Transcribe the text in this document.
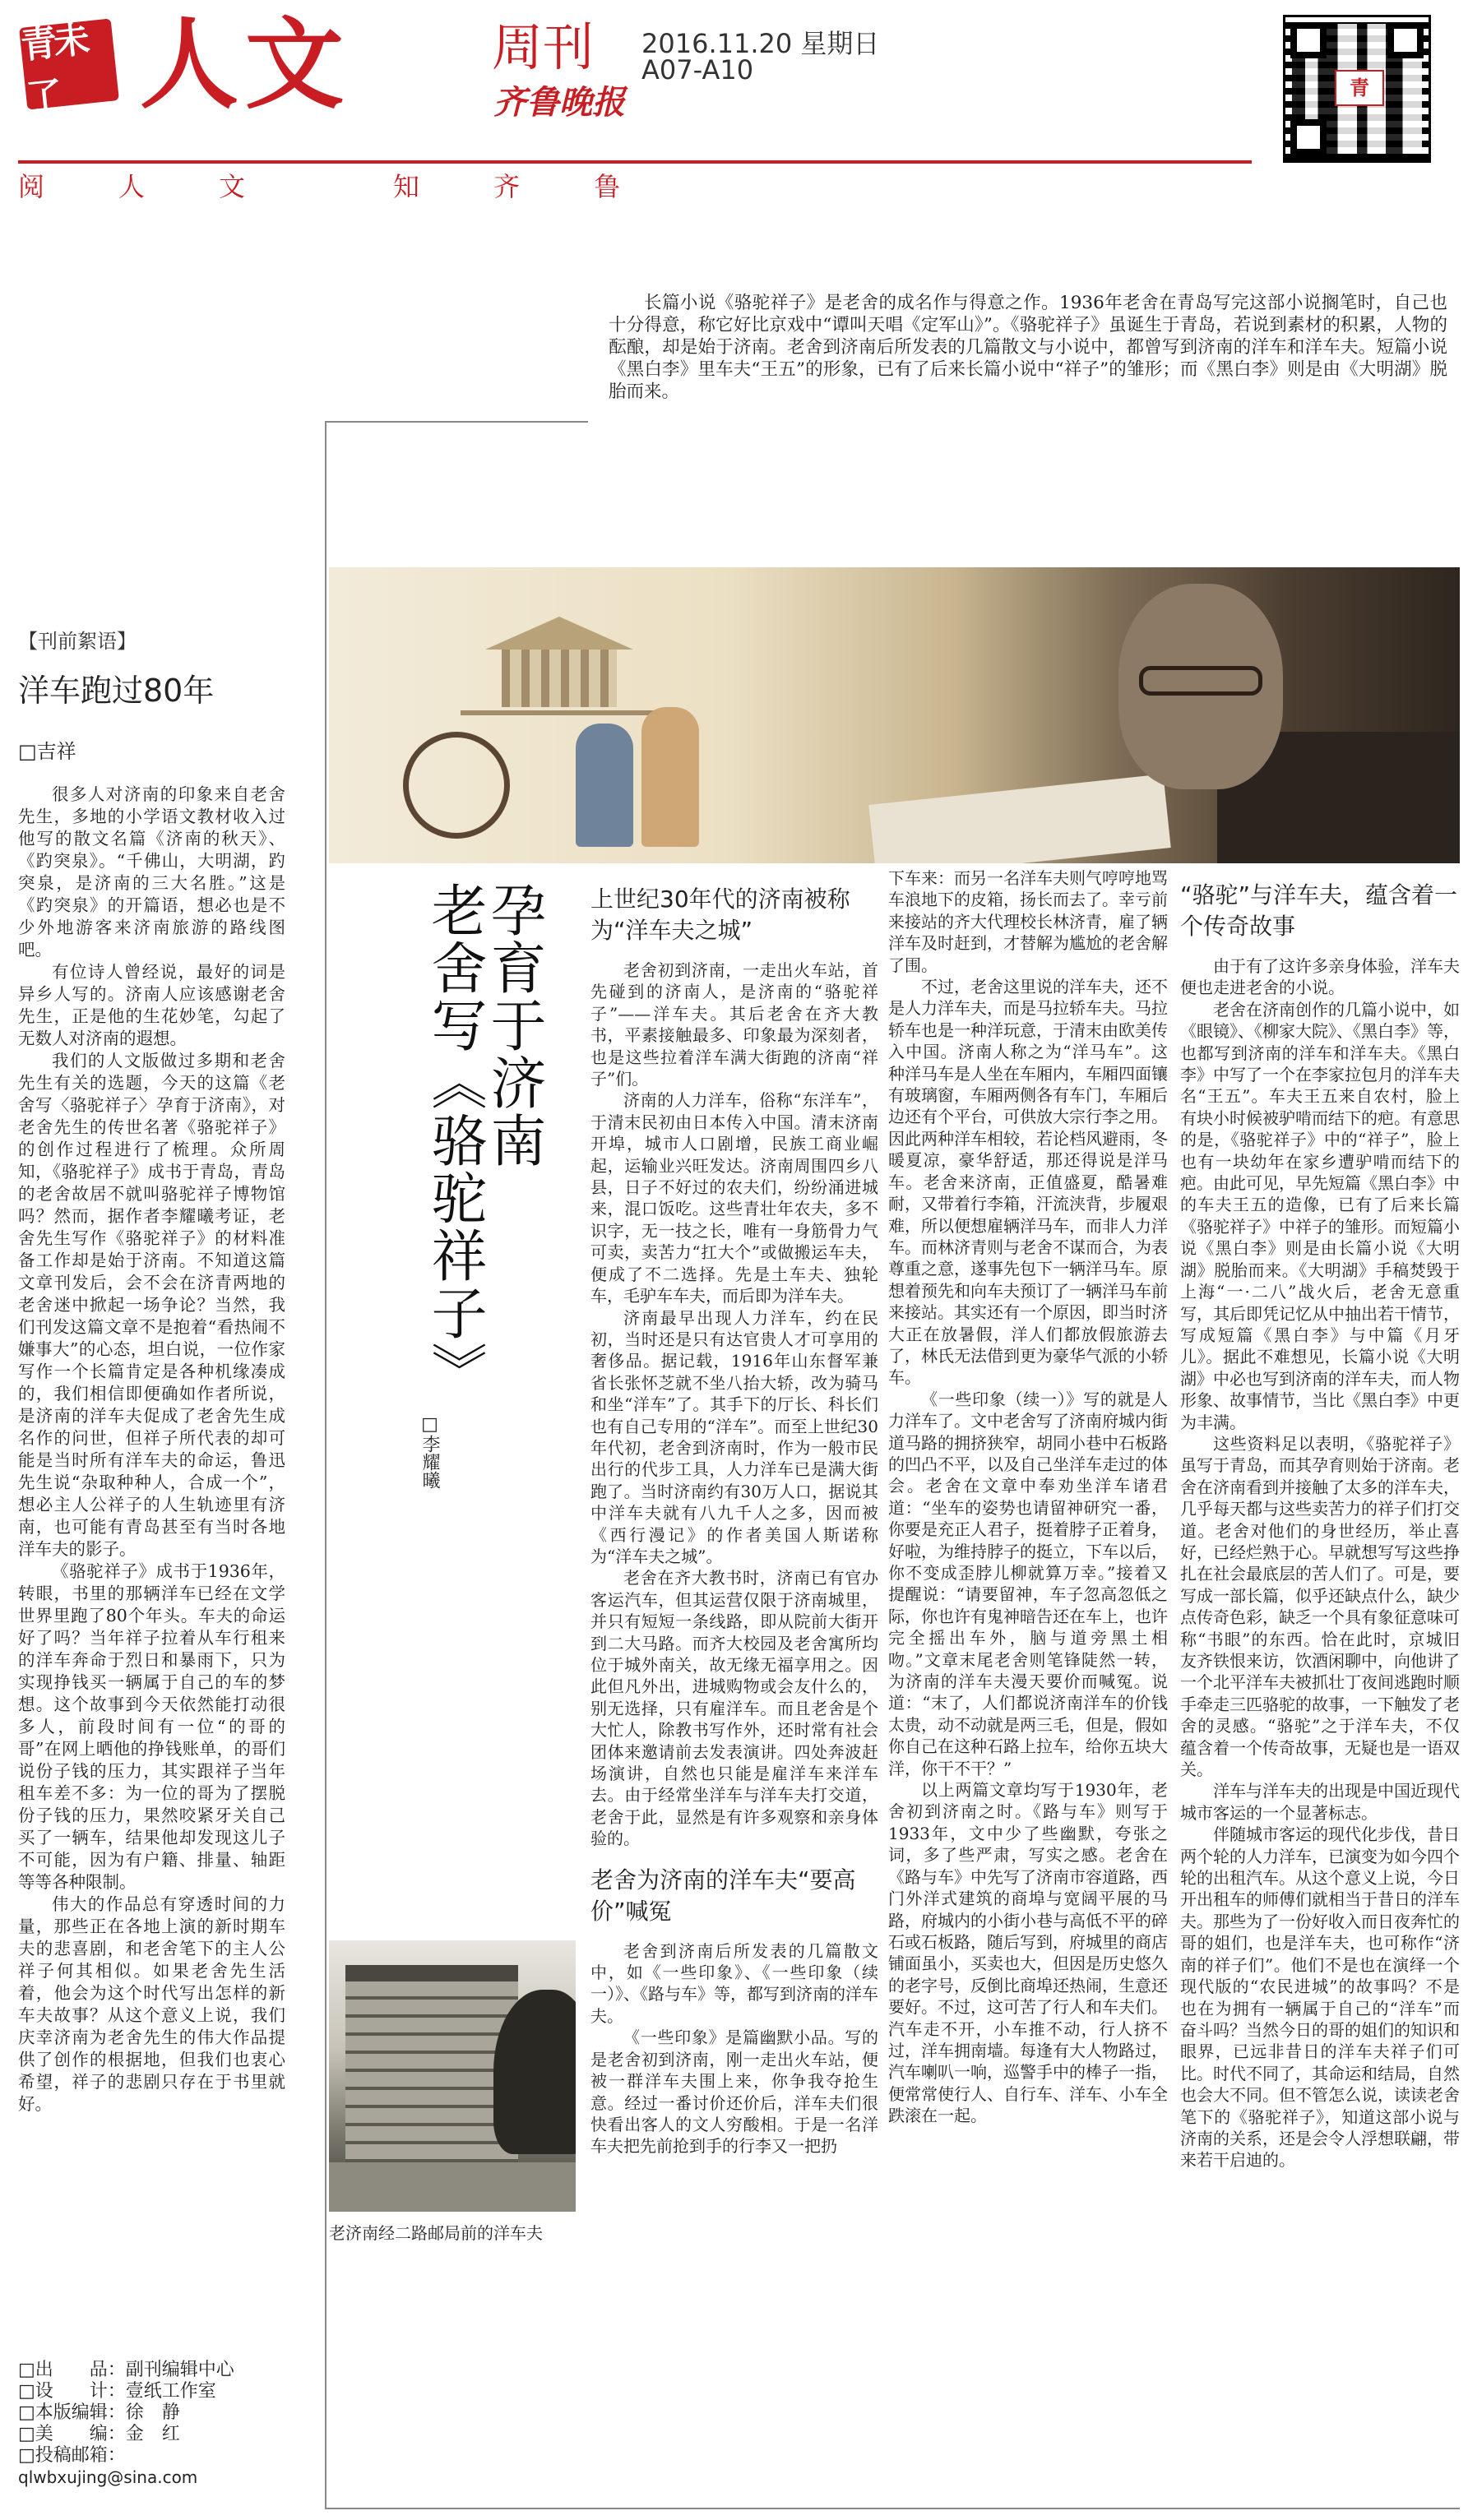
青未了 人文	周刊
齐鲁晚报
2016.11.20 星期日
A07-A10
青
阅	人	文	知	齐	鲁
长篇小说《骆驼祥子》是老舍的成名作与得意之作。1936年老舍在青岛写完这部小说搁笔时，自己也十分得意，称它好比京戏中“谭叫天唱《定军山》”。《骆驼祥子》虽诞生于青岛，若说到素材的积累，人物的酝酿，却是始于济南。老舍到济南后所发表的几篇散文与小说中，都曾写到济南的洋车和洋车夫。短篇小说《黑白李》里车夫“王五”的形象，已有了后来长篇小说中“祥子”的雏形；而《黑白李》则是由《大明湖》脱胎而来。
【刊前絮语】
洋车跑过80年
□吉祥

很多人对济南的印象来自老舍先生，多地的小学语文教材收入过他写的散文名篇《济南的秋天》、《趵突泉》。“千佛山，大明湖，趵突泉，是济南的三大名胜。”这是《趵突泉》的开篇语，想必也是不少外地游客来济南旅游的路线图吧。

有位诗人曾经说，最好的词是异乡人写的。济南人应该感谢老舍先生，正是他的生花妙笔，勾起了无数人对济南的遐想。

我们的人文版做过多期和老舍先生有关的选题，今天的这篇《老舍写〈骆驼祥子〉孕育于济南》，对老舍先生的传世名著《骆驼祥子》的创作过程进行了梳理。众所周知，《骆驼祥子》成书于青岛，青岛的老舍故居不就叫骆驼祥子博物馆吗？然而，据作者李耀曦考证，老舍先生写作《骆驼祥子》的材料准备工作却是始于济南。不知道这篇文章刊发后，会不会在济青两地的老舍迷中掀起一场争论？当然，我们刊发这篇文章不是抱着“看热闹不嫌事大”的心态，坦白说，一位作家写作一个长篇肯定是各种机缘凑成的，我们相信即便确如作者所说，是济南的洋车夫促成了老舍先生成名作的问世，但祥子所代表的却可能是当时所有洋车夫的命运，鲁迅先生说“杂取种种人，合成一个”，想必主人公祥子的人生轨迹里有济南，也可能有青岛甚至有当时各地洋车夫的影子。

《骆驼祥子》成书于1936年，转眼，书里的那辆洋车已经在文学世界里跑了80个年头。车夫的命运好了吗？当年祥子拉着从车行租来的洋车奔命于烈日和暴雨下，只为实现挣钱买一辆属于自己的车的梦想。这个故事到今天依然能打动很多人，前段时间有一位“的哥的哥”在网上晒他的挣钱账单，的哥们说份子钱的压力，其实跟祥子当年租车差不多：为一位的哥为了摆脱份子钱的压力，果然咬紧牙关自己买了一辆车，结果他却发现这儿子不可能，因为有户籍、排量、轴距等等各种限制。

伟大的作品总有穿透时间的力量，那些正在各地上演的新时期车夫的悲喜剧，和老舍笔下的主人公祥子何其相似。如果老舍先生活着，他会为这个时代写出怎样的新车夫故事？从这个意义上说，我们庆幸济南为老舍先生的伟大作品提供了创作的根据地，但我们也衷心希望，祥子的悲剧只存在于书里就好。

□出　　品：副刊编辑中心
□设　　计：壹纸工作室
□本版编辑：徐　静
□美　　编：金　红
□投稿邮箱：
qlwbxujing@sina.com
孕育于济南
老舍写《骆驼祥子》
□李耀曦
上世纪30年代的济南被称为“洋车夫之城”

老舍初到济南，一走出火车站，首先碰到的济南人，是济南的“骆驼祥子”——洋车夫。其后老舍在齐大教书，平素接触最多、印象最为深刻者，也是这些拉着洋车满大街跑的济南“祥子”们。

济南的人力洋车，俗称“东洋车”，于清末民初由日本传入中国。清末济南开埠，城市人口剧增，民族工商业崛起，运输业兴旺发达。济南周围四乡八县，日子不好过的农夫们，纷纷涌进城来，混口饭吃。这些青壮年农夫，多不识字，无一技之长，唯有一身筋骨力气可卖，卖苦力“扛大个”或做搬运车夫，便成了不二选择。先是土车夫、独轮车，毛驴车车夫，而后即为洋车夫。

济南最早出现人力洋车，约在民初，当时还是只有达官贵人才可享用的奢侈品。据记载，1916年山东督军兼省长张怀芝就不坐八抬大轿，改为骑马和坐“洋车”了。其手下的厅长、科长们也有自己专用的“洋车”。而至上世纪30年代初，老舍到济南时，作为一般市民出行的代步工具，人力洋车已是满大街跑了。当时济南约有30万人口，据说其中洋车夫就有八九千人之多，因而被《西行漫记》的作者美国人斯诺称为“洋车夫之城”。

老舍在齐大教书时，济南已有官办客运汽车，但其运营仅限于济南城里，并只有短短一条线路，即从院前大街开到二大马路。而齐大校园及老舍寓所均位于城外南关，故无缘无福享用之。因此但凡外出，进城购物或会友什么的，别无选择，只有雇洋车。而且老舍是个大忙人，除教书写作外，还时常有社会团体来邀请前去发表演讲。四处奔波赶场演讲，自然也只能是雇洋车来洋车去。由于经常坐洋车与洋车夫打交道，老舍于此，显然是有许多观察和亲身体验的。

老舍为济南的洋车夫“要高价”喊冤

老舍到济南后所发表的几篇散文中，如《一些印象》、《一些印象（续一）》、《路与车》等，都写到济南的洋车夫。

《一些印象》是篇幽默小品。写的是老舍初到济南，刚一走出火车站，便被一群洋车夫围上来，你争我夺抢生意。经过一番讨价还价后，洋车夫们很快看出客人的文人穷酸相。于是一名洋车夫把先前抢到手的行李又一把扔

下车来：而另一名洋车夫则气哼哼地骂车浪地下的皮箱，扬长而去了。幸亏前来接站的齐大代理校长林济青，雇了辆洋车及时赶到，才替解为尴尬的老舍解了围。

不过，老舍这里说的洋车夫，还不是人力洋车夫，而是马拉轿车夫。马拉轿车也是一种洋玩意，于清末由欧美传入中国。济南人称之为“洋马车”。这种洋马车是人坐在车厢内，车厢四面镶有玻璃窗，车厢两侧各有车门，车厢后边还有个平台，可供放大宗行李之用。因此两种洋车相较，若论档风避雨，冬暖夏凉，豪华舒适，那还得说是洋马车。老舍来济南，正值盛夏，酷暑难耐，又带着行李箱，汗流浃背，步履艰难，所以便想雇辆洋马车，而非人力洋车。而林济青则与老舍不谋而合，为表尊重之意，遂事先包下一辆洋马车。原想着预先和向车夫预订了一辆洋马车前来接站。其实还有一个原因，即当时济大正在放暑假，洋人们都放假旅游去了，林氏无法借到更为豪华气派的小轿车。

《一些印象（续一）》写的就是人力洋车了。文中老舍写了济南府城内街道马路的拥挤狭窄，胡同小巷中石板路的凹凸不平，以及自己坐洋车走过的体会。老舍在文章中奉劝坐洋车诸君道：“坐车的姿势也请留神研究一番，你要是充正人君子，挺着脖子正着身，好啦，为维持脖子的挺立，下车以后，你不变成歪脖儿柳就算万幸。”接着又提醒说：“请要留神，车子忽高忽低之际，你也许有鬼神暗告还在车上，也许完全摇出车外，脑与道旁黑土相吻。”文章末尾老舍则笔锋陡然一转，为济南的洋车夫漫天要价而喊冤。说道：“末了，人们都说济南洋车的价钱太贵，动不动就是两三毛，但是，假如你自己在这种石路上拉车，给你五块大洋，你干不干？”

以上两篇文章均写于1930年，老舍初到济南之时。《路与车》则写于1933年，文中少了些幽默，夸张之词，多了些严肃，写实之感。老舍在《路与车》中先写了济南市容道路，西门外洋式建筑的商埠与宽阔平展的马路，府城内的小街小巷与高低不平的碎石或石板路，随后写到，府城里的商店铺面虽小，买卖也大，但因是历史悠久的老字号，反倒比商埠还热闹，生意还要好。不过，这可苦了行人和车夫们。汽车走不开，小车推不动，行人挤不过，洋车拥南墙。每逢有大人物路过，汽车喇叭一响，巡警手中的棒子一指，便常常使行人、自行车、洋车、小车全跌滚在一起。

“骆驼”与洋车夫，蕴含着一个传奇故事

由于有了这许多亲身体验，洋车夫便也走进老舍的小说。

老舍在济南创作的几篇小说中，如《眼镜》、《柳家大院》、《黑白李》等，也都写到济南的洋车和洋车夫。《黑白李》中写了一个在李家拉包月的洋车夫名“王五”。车夫王五来自农村，脸上有块小时候被驴啃而结下的疤。有意思的是，《骆驼祥子》中的“祥子”，脸上也有一块幼年在家乡遭驴啃而结下的疤。由此可见，早先短篇《黑白李》中的车夫王五的造像，已有了后来长篇《骆驼祥子》中祥子的雏形。而短篇小说《黑白李》则是由长篇小说《大明湖》脱胎而来。《大明湖》手稿焚毁于上海“一·二八”战火后，老舍无意重写，其后即凭记忆从中抽出若干情节，写成短篇《黑白李》与中篇《月牙儿》。据此不难想见，长篇小说《大明湖》中必也写到济南的洋车夫，而人物形象、故事情节，当比《黑白李》中更为丰满。

这些资料足以表明，《骆驼祥子》虽写于青岛，而其孕育则始于济南。老舍在济南看到并接触了太多的洋车夫，几乎每天都与这些卖苦力的祥子们打交道。老舍对他们的身世经历，举止喜好，已经烂熟于心。早就想写写这些挣扎在社会最底层的苦人们了。可是，要写成一部长篇，似乎还缺点什么，缺少点传奇色彩，缺乏一个具有象征意味可称“书眼”的东西。恰在此时，京城旧友齐铁恨来访，饮酒闲聊中，向他讲了一个北平洋车夫被抓壮丁夜间逃跑时顺手牵走三匹骆驼的故事，一下触发了老舍的灵感。“骆驼”之于洋车夫，不仅蕴含着一个传奇故事，无疑也是一语双关。

洋车与洋车夫的出现是中国近现代城市客运的一个显著标志。

伴随城市客运的现代化步伐，昔日两个轮的人力洋车，已演变为如今四个轮的出租汽车。从这个意义上说，今日开出租车的师傅们就相当于昔日的洋车夫。那些为了一份好收入而日夜奔忙的哥的姐们，也是洋车夫，也可称作“济南的祥子们”。他们不是也在演绎一个现代版的“农民进城”的故事吗？不是也在为拥有一辆属于自己的“洋车”而奋斗吗？当然今日的哥的姐们的知识和眼界，已远非昔日的洋车夫祥子们可比。时代不同了，其命运和结局，自然也会大不同。但不管怎么说，读读老舍笔下的《骆驼祥子》，知道这部小说与济南的关系，还是会令人浮想联翩，带来若干启迪的。

老济南经二路邮局前的洋车夫
